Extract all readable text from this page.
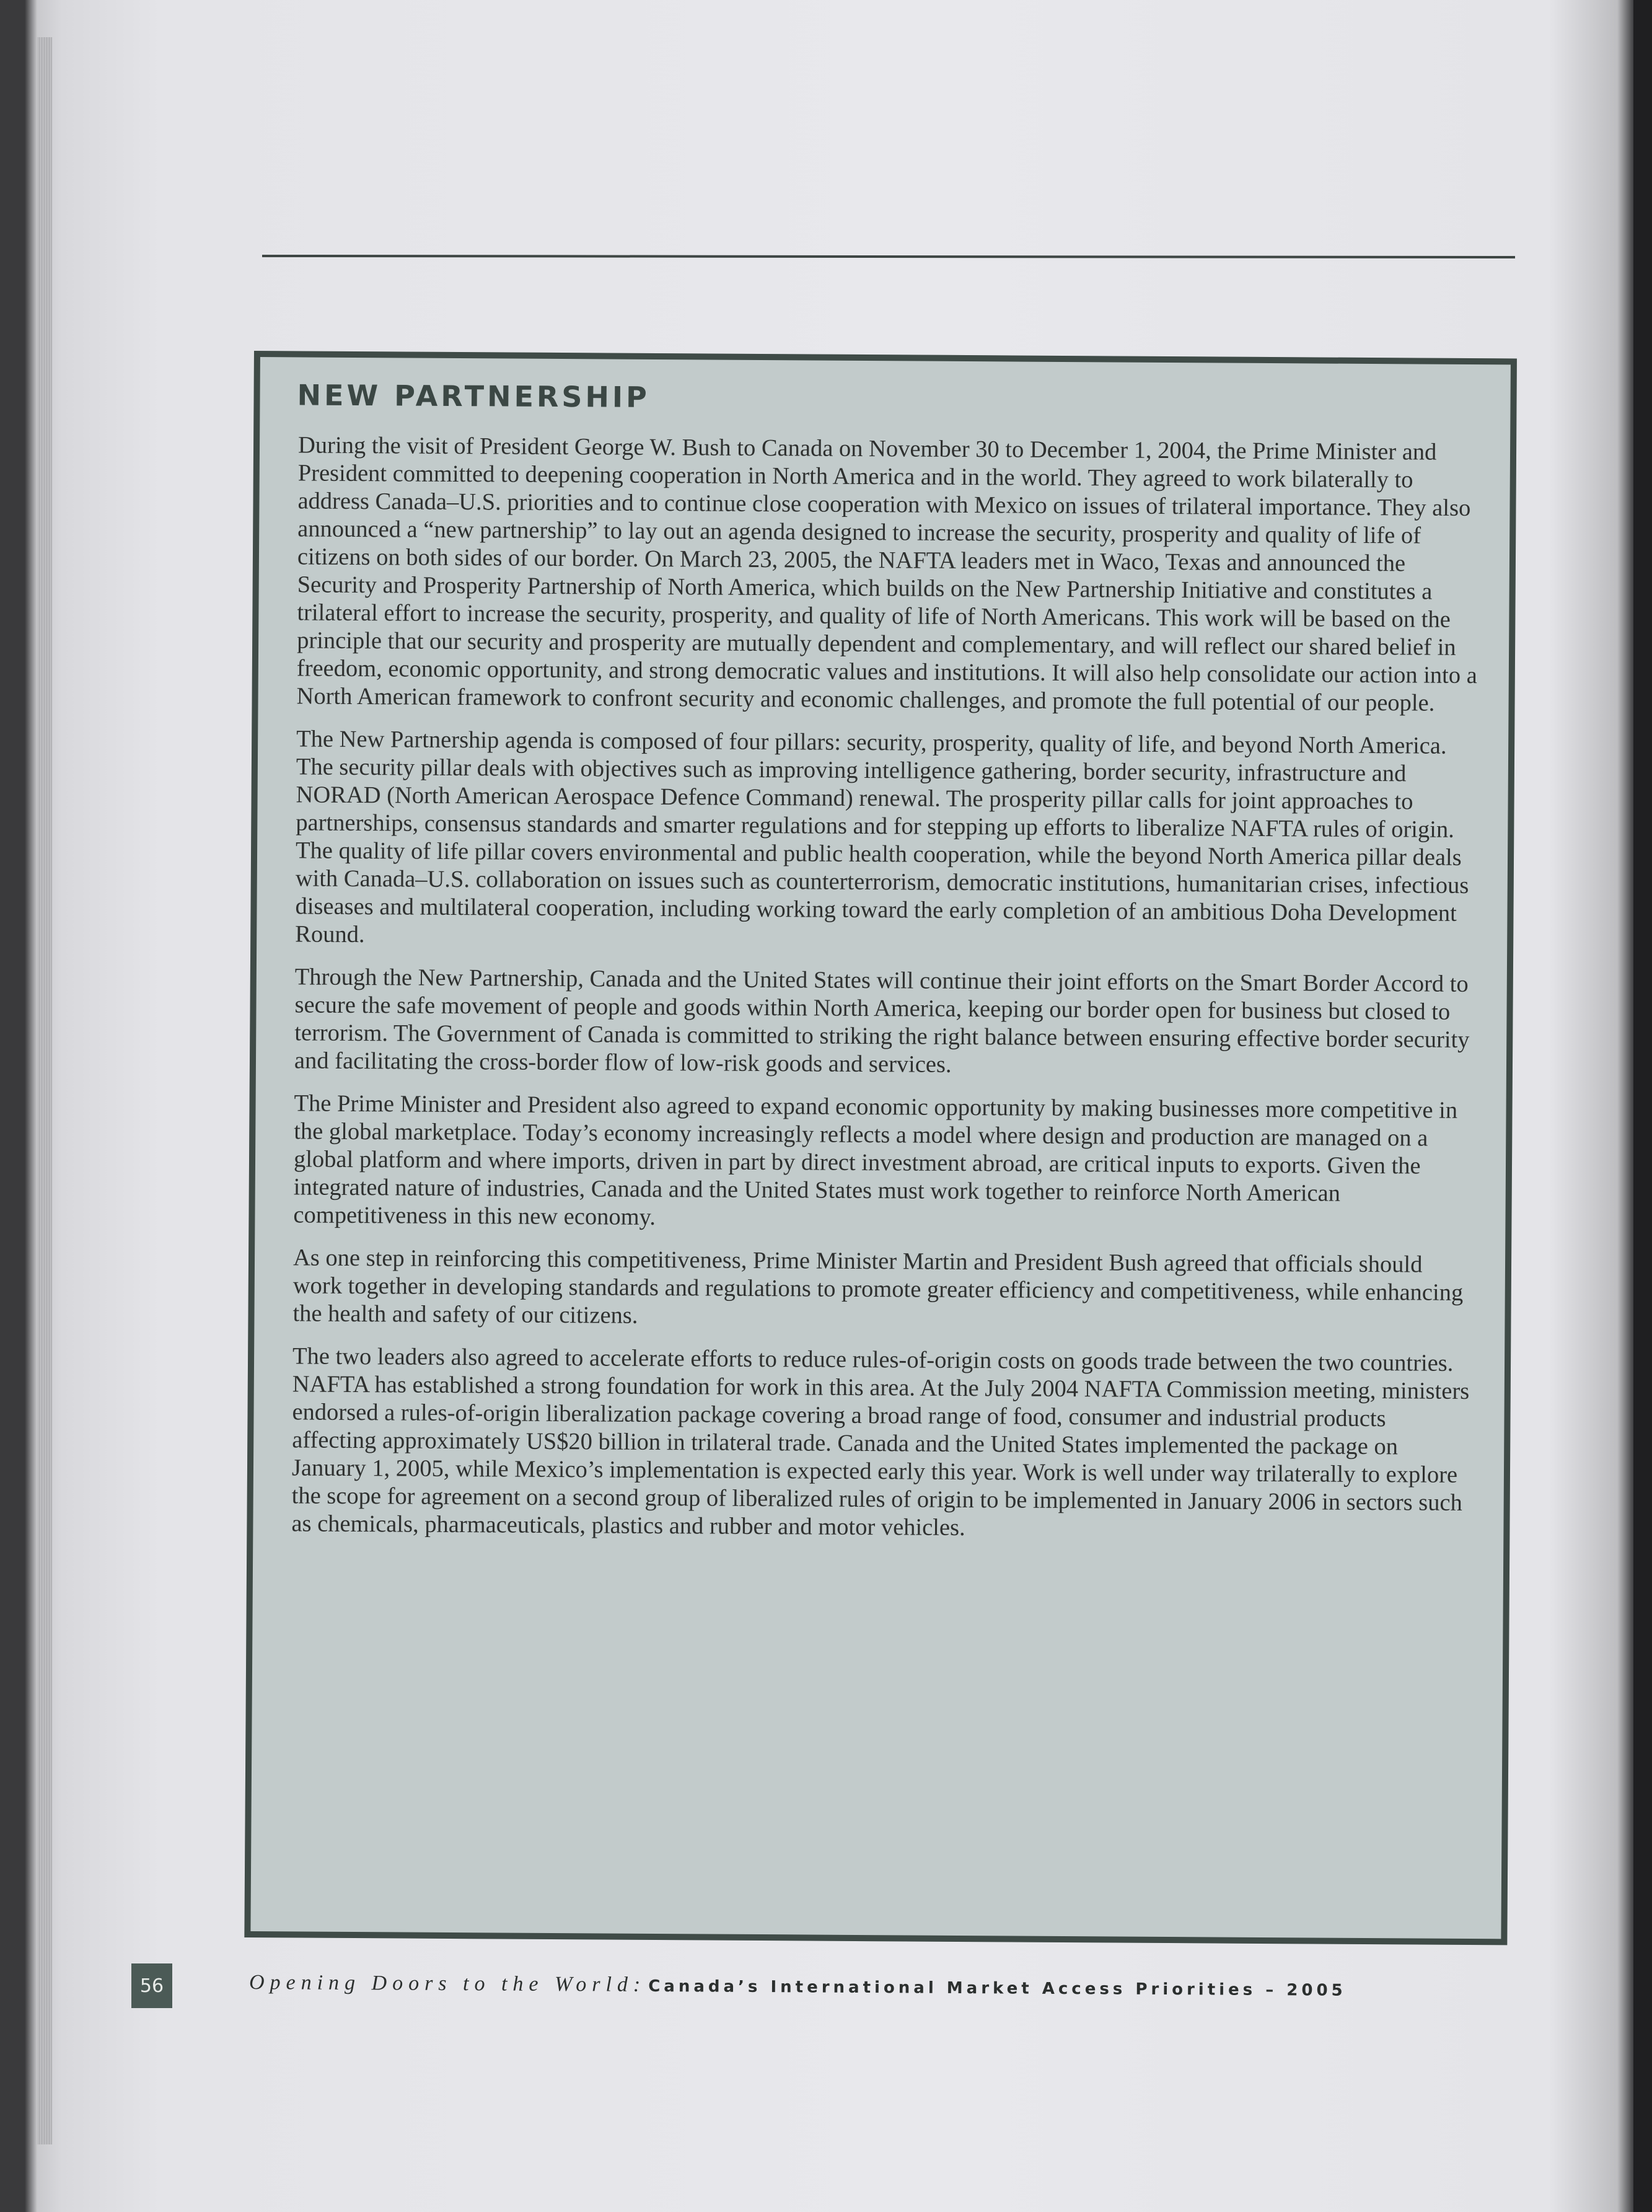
NEW PARTNERSHIP

During the visit of President George W. Bush to Canada on November 30 to December 1, 2004, the Prime Minister and President committed to deepening cooperation in North America and in the world. They agreed to work bilaterally to address Canada–U.S. priorities and to continue close cooperation with Mexico on issues of trilateral importance. They also announced a “new partnership” to lay out an agenda designed to increase the security, prosperity and quality of life of citizens on both sides of our border. On March 23, 2005, the NAFTA leaders met in Waco, Texas and announced the Security and Prosperity Partnership of North America, which builds on the New Partnership Initiative and constitutes a trilateral effort to increase the security, prosperity, and quality of life of North Americans. This work will be based on the principle that our security and prosperity are mutually dependent and complementary, and will reflect our shared belief in freedom, economic opportunity, and strong democratic values and institutions. It will also help consolidate our action into a North American framework to confront security and economic challenges, and promote the full potential of our people.

The New Partnership agenda is composed of four pillars: security, prosperity, quality of life, and beyond North America. The security pillar deals with objectives such as improving intelligence gathering, border security, infrastructure and NORAD (North American Aerospace Defence Command) renewal. The prosperity pillar calls for joint approaches to partnerships, consensus standards and smarter regulations and for stepping up efforts to liberalize NAFTA rules of origin. The quality of life pillar covers environmental and public health cooperation, while the beyond North America pillar deals with Canada–U.S. collaboration on issues such as counterterrorism, democratic institutions, humanitarian crises, infectious diseases and multilateral cooperation, including working toward the early completion of an ambitious Doha Development Round.

Through the New Partnership, Canada and the United States will continue their joint efforts on the Smart Border Accord to secure the safe movement of people and goods within North America, keeping our border open for business but closed to terrorism. The Government of Canada is committed to striking the right balance between ensuring effective border security and facilitating the cross-border flow of low-risk goods and services.

The Prime Minister and President also agreed to expand economic opportunity by making businesses more competitive in the global marketplace. Today’s economy increasingly reflects a model where design and production are managed on a global platform and where imports, driven in part by direct investment abroad, are critical inputs to exports. Given the integrated nature of industries, Canada and the United States must work together to reinforce North American competitiveness in this new economy.

As one step in reinforcing this competitiveness, Prime Minister Martin and President Bush agreed that officials should work together in developing standards and regulations to promote greater efficiency and competitiveness, while enhancing the health and safety of our citizens.

The two leaders also agreed to accelerate efforts to reduce rules-of-origin costs on goods trade between the two countries. NAFTA has established a strong foundation for work in this area. At the July 2004 NAFTA Commission meeting, ministers endorsed a rules-of-origin liberalization package covering a broad range of food, consumer and industrial products affecting approximately US$20 billion in trilateral trade. Canada and the United States implemented the package on January 1, 2005, while Mexico’s implementation is expected early this year. Work is well under way trilaterally to explore the scope for agreement on a second group of liberalized rules of origin to be implemented in January 2006 in sectors such as chemicals, pharmaceuticals, plastics and rubber and motor vehicles.

56	Opening Doors to the World: Canada’s International Market Access Priorities – 2005
